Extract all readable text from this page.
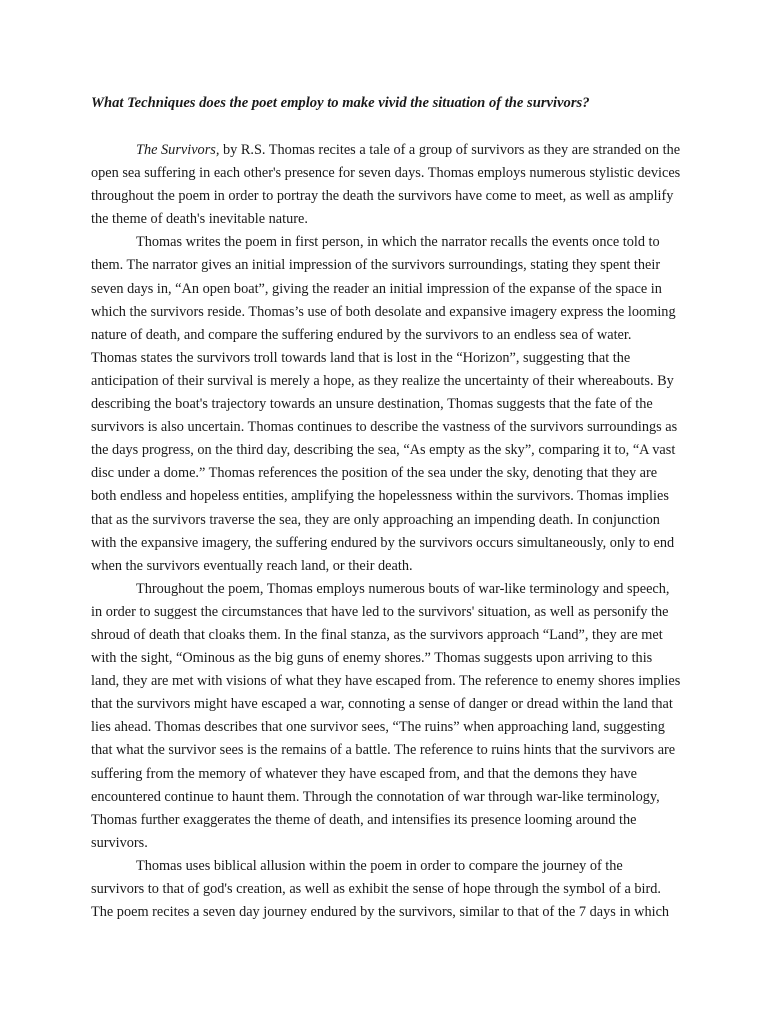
What Techniques does the poet employ to make vivid the situation of the survivors?

The Survivors, by R.S. Thomas recites a tale of a group of survivors as they are stranded on the
open sea suffering in each other's presence for seven days. Thomas employs numerous stylistic devices
throughout the poem in order to portray the death the survivors have come to meet, as well as amplify
the theme of death's inevitable nature.
Thomas writes the poem in first person, in which the narrator recalls the events once told to
them. The narrator gives an initial impression of the survivors surroundings, stating they spent their
seven days in, “An open boat”, giving the reader an initial impression of the expanse of the space in
which the survivors reside. Thomas’s use of both desolate and expansive imagery express the looming
nature of death, and compare the suffering endured by the survivors to an endless sea of water.
Thomas states the survivors troll towards land that is lost in the “Horizon”, suggesting that the
anticipation of their survival is merely a hope, as they realize the uncertainty of their whereabouts. By
describing the boat's trajectory towards an unsure destination, Thomas suggests that the fate of the
survivors is also uncertain. Thomas continues to describe the vastness of the survivors surroundings as
the days progress, on the third day, describing the sea, “As empty as the sky”, comparing it to, “A vast
disc under a dome.” Thomas references the position of the sea under the sky, denoting that they are
both endless and hopeless entities, amplifying the hopelessness within the survivors. Thomas implies
that as the survivors traverse the sea, they are only approaching an impending death. In conjunction
with the expansive imagery, the suffering endured by the survivors occurs simultaneously, only to end
when the survivors eventually reach land, or their death.
Throughout the poem, Thomas employs numerous bouts of war-like terminology and speech,
in order to suggest the circumstances that have led to the survivors' situation, as well as personify the
shroud of death that cloaks them. In the final stanza, as the survivors approach “Land”, they are met
with the sight, “Ominous as the big guns of enemy shores.” Thomas suggests upon arriving to this
land, they are met with visions of what they have escaped from. The reference to enemy shores implies
that the survivors might have escaped a war, connoting a sense of danger or dread within the land that
lies ahead. Thomas describes that one survivor sees, “The ruins” when approaching land, suggesting
that what the survivor sees is the remains of a battle. The reference to ruins hints that the survivors are
suffering from the memory of whatever they have escaped from, and that the demons they have
encountered continue to haunt them. Through the connotation of war through war-like terminology,
Thomas further exaggerates the theme of death, and intensifies its presence looming around the
survivors.
Thomas uses biblical allusion within the poem in order to compare the journey of the
survivors to that of god's creation, as well as exhibit the sense of hope through the symbol of a bird.
The poem recites a seven day journey endured by the survivors, similar to that of the 7 days in which
